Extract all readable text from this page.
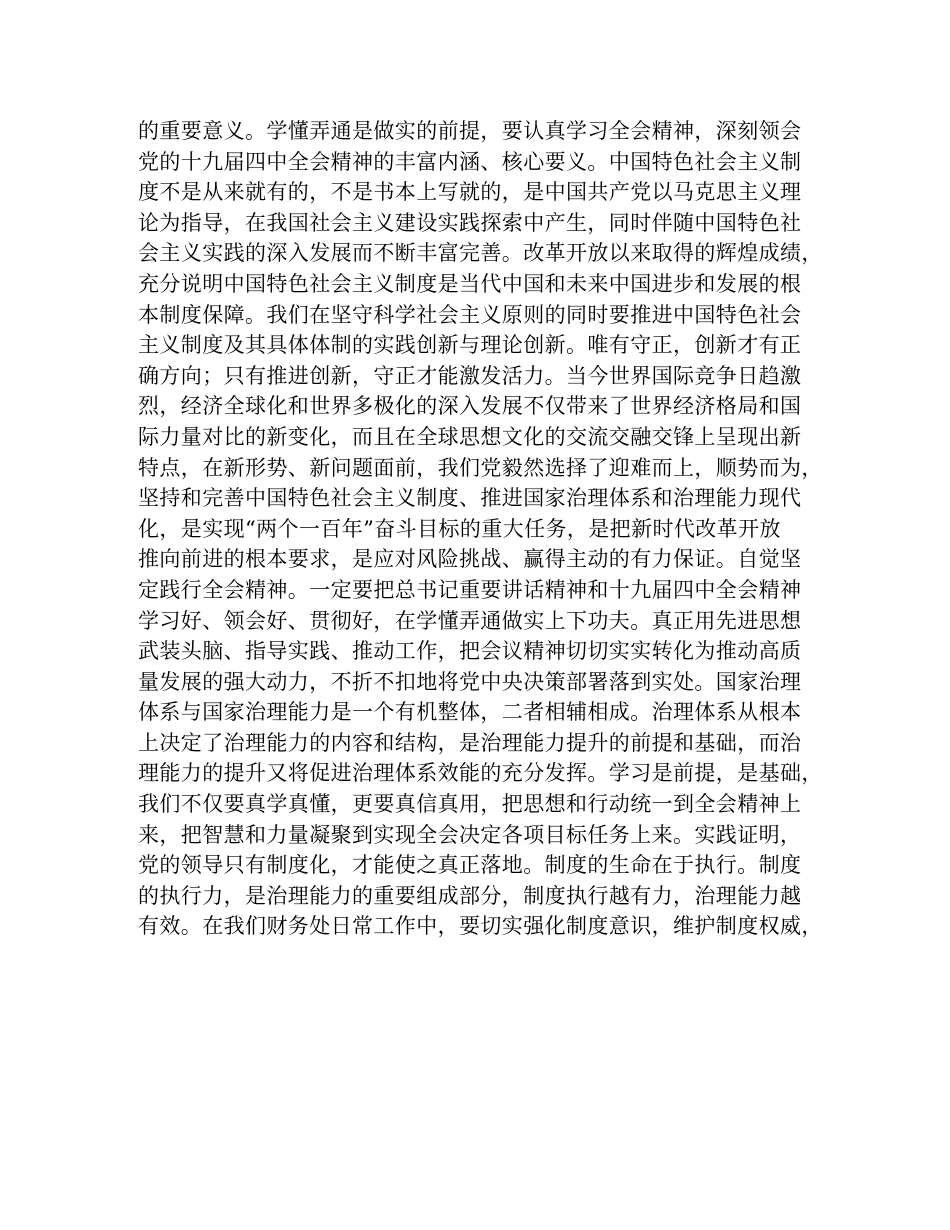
的重要意义。学懂弄通是做实的前提，要认真学习全会精神，深刻领会
党的十九届四中全会精神的丰富内涵、核心要义。中国特色社会主义制
度不是从来就有的，不是书本上写就的，是中国共产党以马克思主义理
论为指导，在我国社会主义建设实践探索中产生，同时伴随中国特色社
会主义实践的深入发展而不断丰富完善。改革开放以来取得的辉煌成绩，
充分说明中国特色社会主义制度是当代中国和未来中国进步和发展的根
本制度保障。我们在坚守科学社会主义原则的同时要推进中国特色社会
主义制度及其具体体制的实践创新与理论创新。唯有守正，创新才有正
确方向；只有推进创新，守正才能激发活力。当今世界国际竞争日趋激
烈，经济全球化和世界多极化的深入发展不仅带来了世界经济格局和国
际力量对比的新变化，而且在全球思想文化的交流交融交锋上呈现出新
特点，在新形势、新问题面前，我们党毅然选择了迎难而上，顺势而为，
坚持和完善中国特色社会主义制度、推进国家治理体系和治理能力现代
化，是实现“两个一百年”奋斗目标的重大任务，是把新时代改革开放
推向前进的根本要求，是应对风险挑战、赢得主动的有力保证。自觉坚
定践行全会精神。一定要把总书记重要讲话精神和十九届四中全会精神
学习好、领会好、贯彻好，在学懂弄通做实上下功夫。真正用先进思想
武装头脑、指导实践、推动工作，把会议精神切切实实转化为推动高质
量发展的强大动力，不折不扣地将党中央决策部署落到实处。国家治理
体系与国家治理能力是一个有机整体，二者相辅相成。治理体系从根本
上决定了治理能力的内容和结构，是治理能力提升的前提和基础，而治
理能力的提升又将促进治理体系效能的充分发挥。学习是前提，是基础，
我们不仅要真学真懂，更要真信真用，把思想和行动统一到全会精神上
来，把智慧和力量凝聚到实现全会决定各项目标任务上来。实践证明，
党的领导只有制度化，才能使之真正落地。制度的生命在于执行。制度
的执行力，是治理能力的重要组成部分，制度执行越有力，治理能力越
有效。在我们财务处日常工作中，要切实强化制度意识，维护制度权威，
